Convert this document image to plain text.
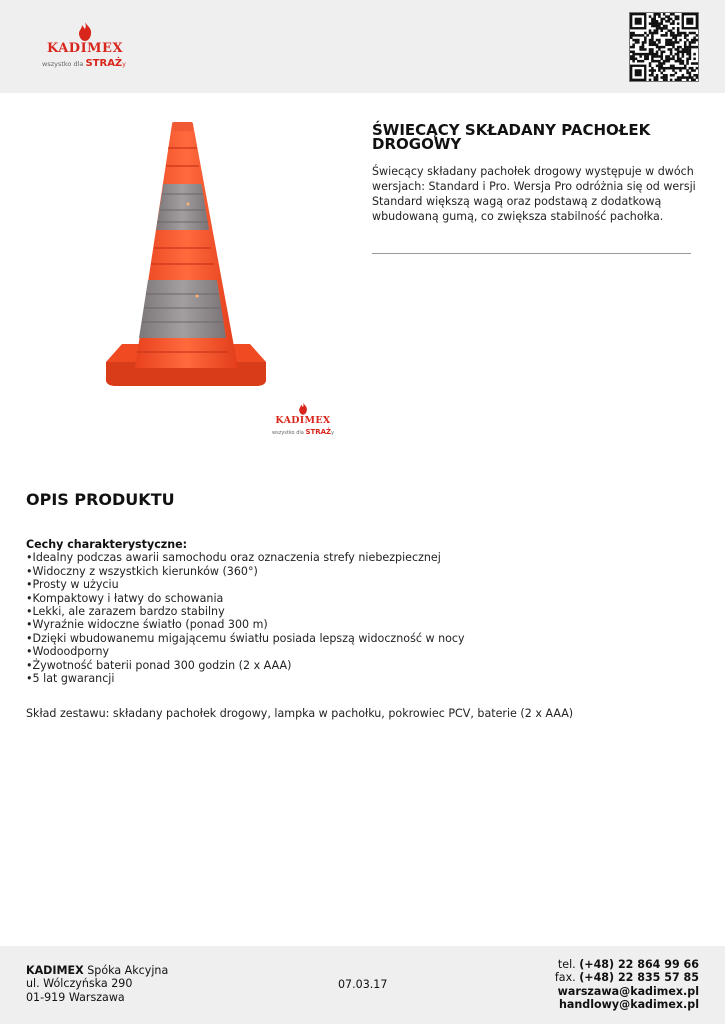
KADIMEX
wszystko dla STRAŻy
KADIMEX
wszystko dla STRAŻy
ŚWIECĄCY SKŁADANY PACHOŁEK DROGOWY

Świecący składany pachołek drogowy występuje w dwóch wersjach: Standard i Pro. Wersja Pro odróżnia się od wersji Standard większą wagą oraz podstawą z dodatkową wbudowaną gumą, co zwiększa stabilność pachołka.

OPIS PRODUKTU
Cechy charakterystyczne:
• Idealny podczas awarii samochodu oraz oznaczenia strefy niebezpiecznej
• Widoczny z wszystkich kierunków (360°)
• Prosty w użyciu
• Kompaktowy i łatwy do schowania
• Lekki, ale zarazem bardzo stabilny
• Wyraźnie widoczne światło (ponad 300 m)
• Dzięki wbudowanemu migającemu światłu posiada lepszą widoczność w nocy
• Wodoodporny
• Żywotność baterii ponad 300 godzin (2 x AAA)
• 5 lat gwarancji

Skład zestawu: składany pachołek drogowy, lampka w pachołku, pokrowiec PCV, baterie (2 x AAA)

KADIMEX Spóka Akcyjna
ul. Wólczyńska 290
01-919 Warszawa
07.03.17
tel. (+48) 22 864 99 66
fax. (+48) 22 835 57 85
warszawa@kadimex.pl
handlowy@kadimex.pl
